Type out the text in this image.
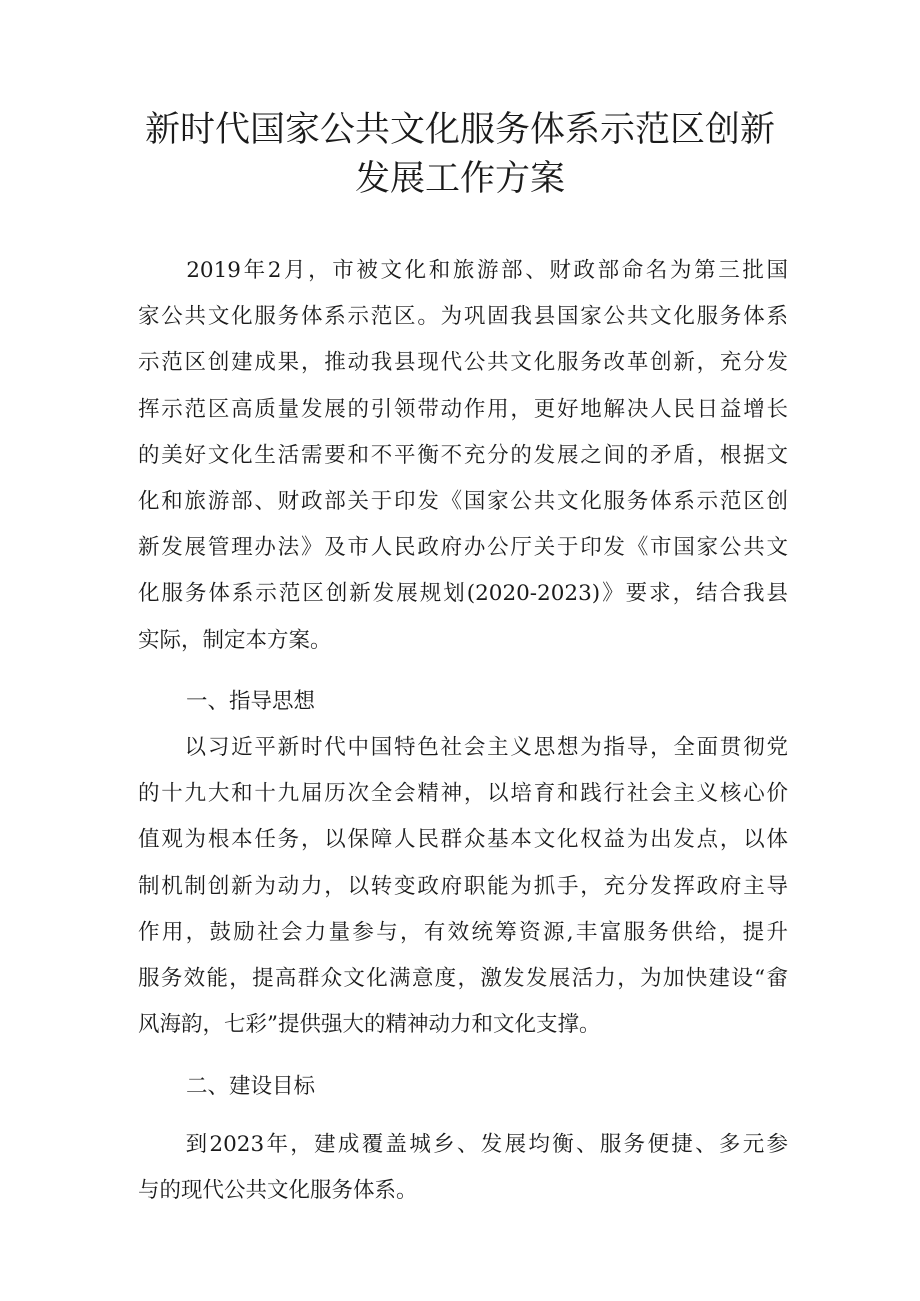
新时代国家公共文化服务体系示范区创新
发展工作方案
　　2019年2月，市被文化和旅游部、财政部命名为第三批国
家公共文化服务体系示范区。为巩固我县国家公共文化服务体系
示范区创建成果，推动我县现代公共文化服务改革创新，充分发
挥示范区高质量发展的引领带动作用，更好地解决人民日益增长
的美好文化生活需要和不平衡不充分的发展之间的矛盾，根据文
化和旅游部、财政部关于印发《国家公共文化服务体系示范区创
新发展管理办法》及市人民政府办公厅关于印发《市国家公共文
化服务体系示范区创新发展规划(2020-2023)》要求，结合我县
实际，制定本方案。
一、指导思想
　　以习近平新时代中国特色社会主义思想为指导，全面贯彻党
的十九大和十九届历次全会精神，以培育和践行社会主义核心价
值观为根本任务，以保障人民群众基本文化权益为出发点，以体
制机制创新为动力，以转变政府职能为抓手，充分发挥政府主导
作用，鼓励社会力量参与，有效统筹资源,丰富服务供给，提升
服务效能，提高群众文化满意度，激发发展活力，为加快建设“畲
风海韵，七彩”提供强大的精神动力和文化支撑。
二、建设目标
　　到2023年，建成覆盖城乡、发展均衡、服务便捷、多元参
与的现代公共文化服务体系。
